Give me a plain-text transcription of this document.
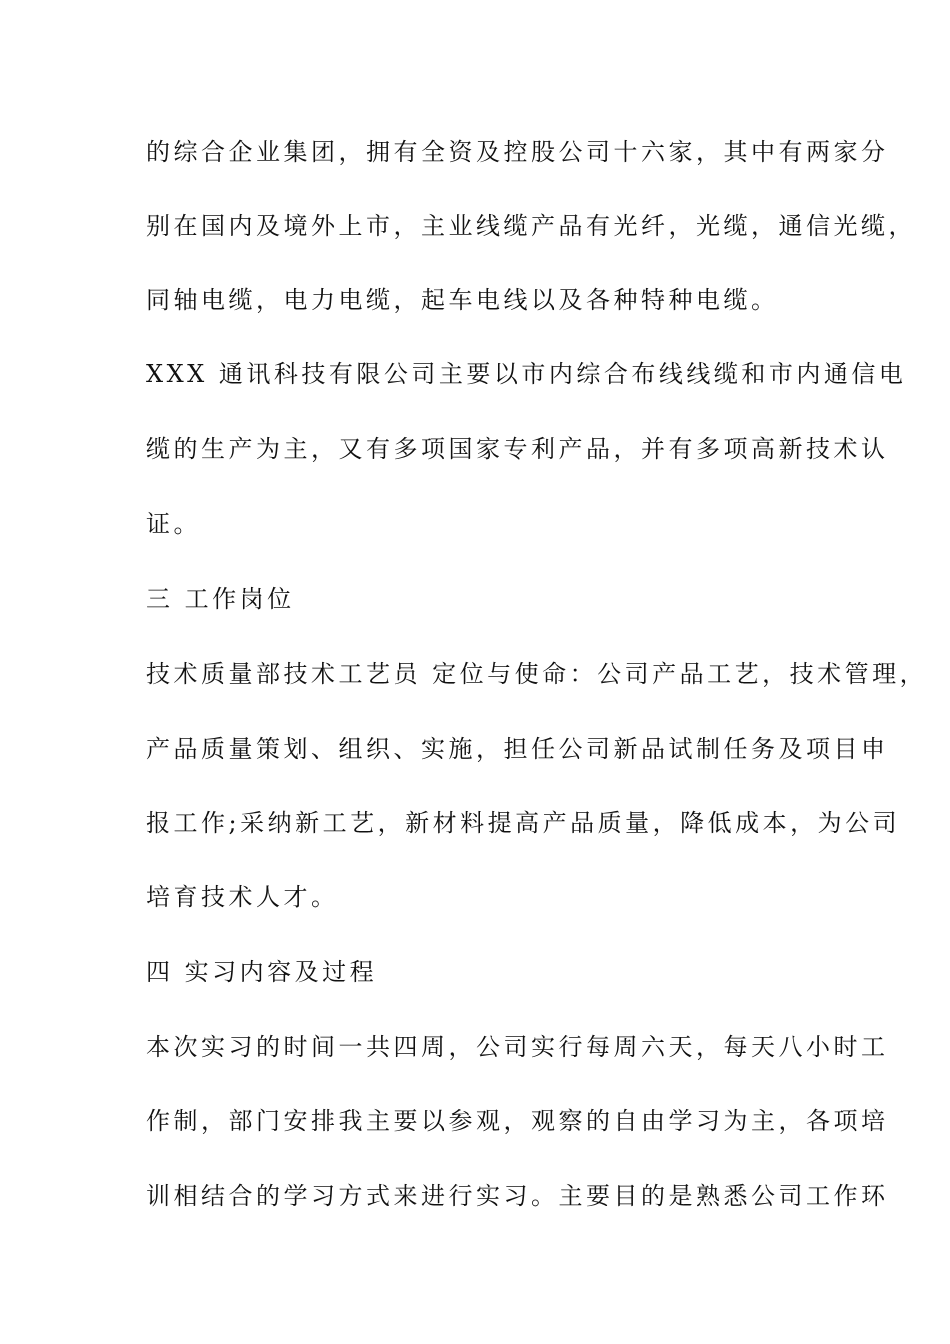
的综合企业集团，拥有全资及控股公司十六家，其中有两家分
别在国内及境外上市，主业线缆产品有光纤，光缆，通信光缆，
同轴电缆，电力电缆，起车电线以及各种特种电缆。
XXX 通讯科技有限公司主要以市内综合布线线缆和市内通信电
缆的生产为主，又有多项国家专利产品，并有多项高新技术认
证。
三 工作岗位
技术质量部技术工艺员 定位与使命：公司产品工艺，技术管理，
产品质量策划、组织、实施，担任公司新品试制任务及项目申
报工作;采纳新工艺，新材料提高产品质量，降低成本，为公司
培育技术人才。
四 实习内容及过程
本次实习的时间一共四周，公司实行每周六天，每天八小时工
作制，部门安排我主要以参观，观察的自由学习为主，各项培
训相结合的学习方式来进行实习。主要目的是熟悉公司工作环
